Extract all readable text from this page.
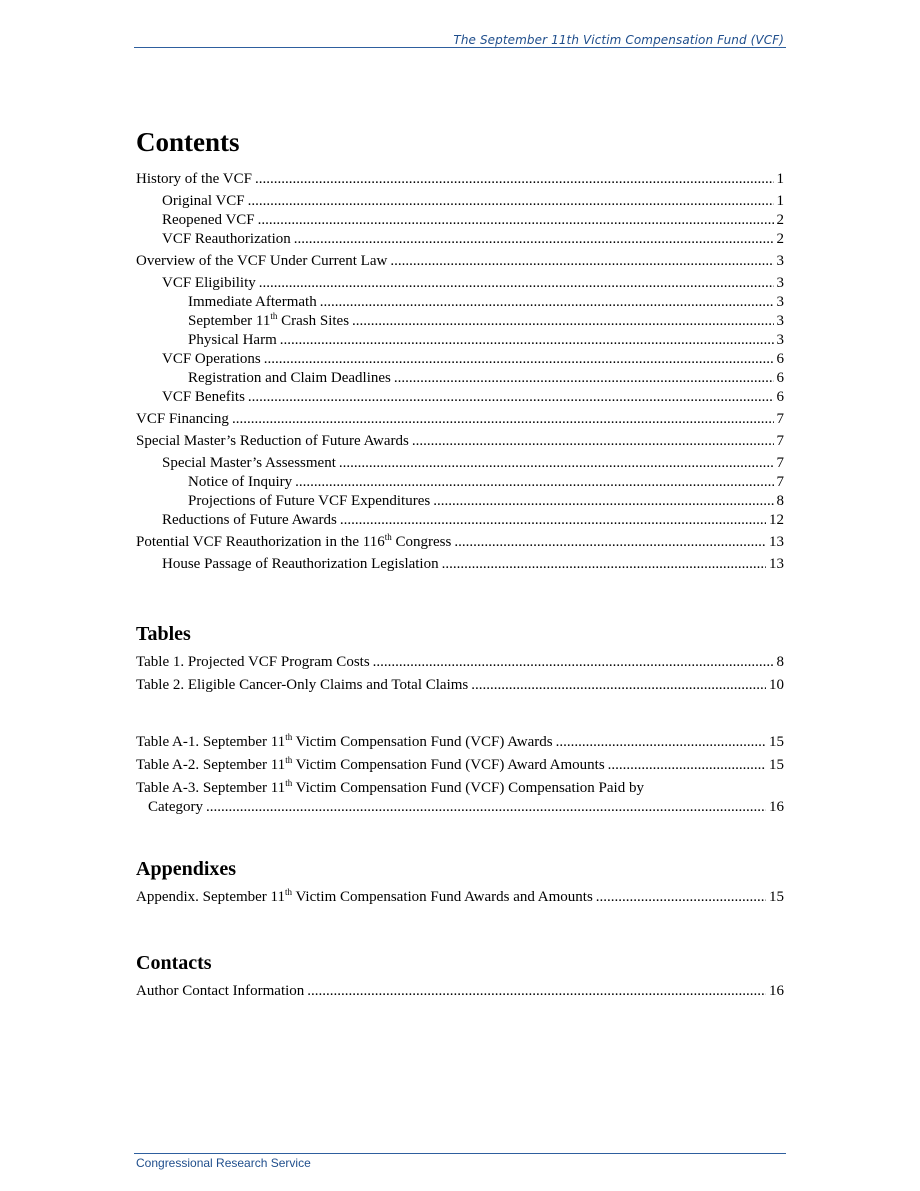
The September 11th Victim Compensation Fund (VCF)
Contents
History of the VCF .....	1
Original VCF .....	1
Reopened VCF .....	2
VCF Reauthorization .....	2
Overview of the VCF Under Current Law .....	3
VCF Eligibility .....	3
Immediate Aftermath .....	3
September 11th Crash Sites .....	3
Physical Harm .....	3
VCF Operations .....	6
Registration and Claim Deadlines .....	6
VCF Benefits .....	6
VCF Financing .....	7
Special Master’s Reduction of Future Awards .....	7
Special Master’s Assessment .....	7
Notice of Inquiry .....	7
Projections of Future VCF Expenditures .....	8
Reductions of Future Awards .....	12
Potential VCF Reauthorization in the 116th Congress .....	13
House Passage of Reauthorization Legislation .....	13
Tables
Table 1. Projected VCF Program Costs .....	8
Table 2. Eligible Cancer-Only Claims and Total Claims .....	10
Table A-1. September 11th Victim Compensation Fund (VCF) Awards .....	15
Table A-2. September 11th Victim Compensation Fund (VCF) Award Amounts .....	15
Table A-3. September 11th Victim Compensation Fund (VCF) Compensation Paid by
Category .....	16
Appendixes
Appendix. September 11th Victim Compensation Fund Awards and Amounts .....	15
Contacts
Author Contact Information .....	16
Congressional Research Service
